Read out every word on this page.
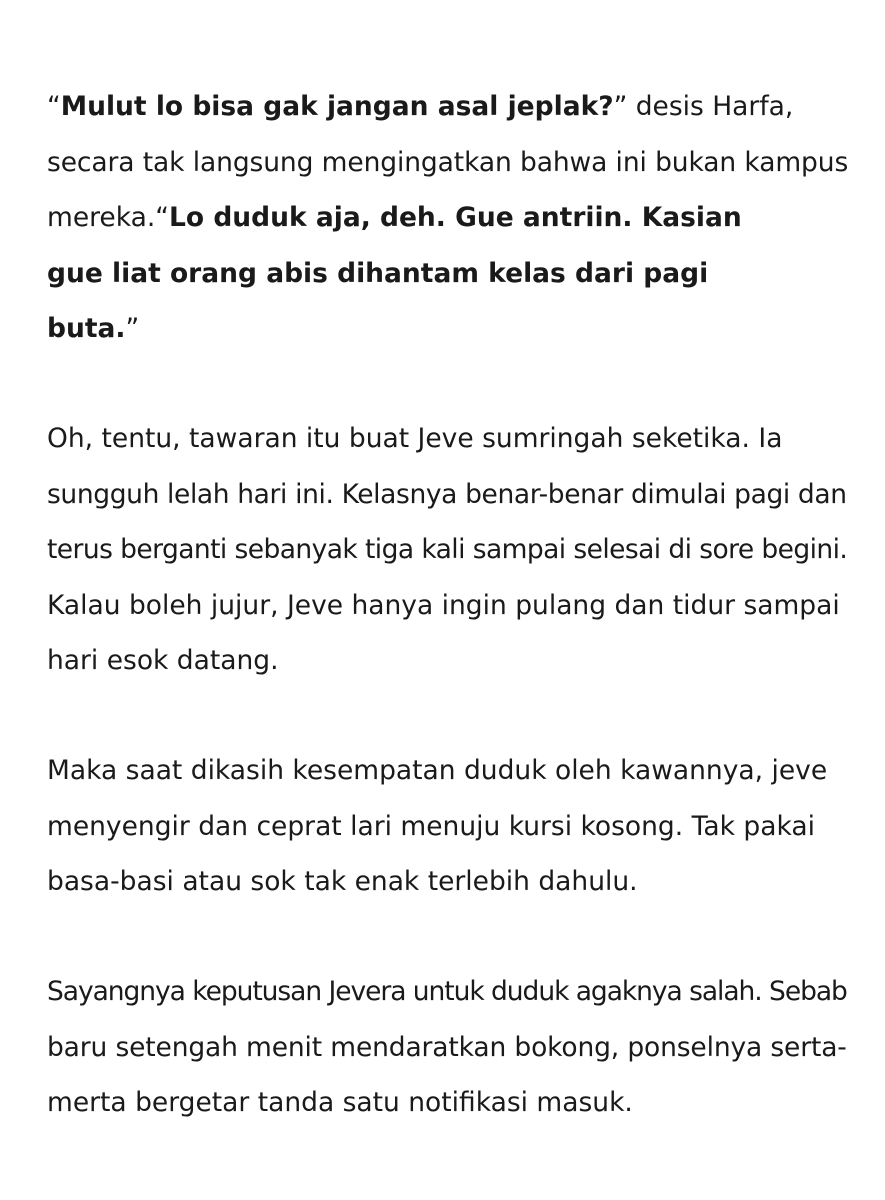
“Mulut lo bisa gak jangan asal jeplak?” desis Harfa,
secara tak langsung mengingatkan bahwa ini bukan kampus
mereka.“Lo duduk aja, deh. Gue antriin. Kasian
gue liat orang abis dihantam kelas dari pagi
buta.”
Oh, tentu, tawaran itu buat Jeve sumringah seketika. Ia
sungguh lelah hari ini. Kelasnya benar-benar dimulai pagi dan
terus berganti sebanyak tiga kali sampai selesai di sore begini.
Kalau boleh jujur, Jeve hanya ingin pulang dan tidur sampai
hari esok datang.
Maka saat dikasih kesempatan duduk oleh kawannya, jeve
menyengir dan ceprat lari menuju kursi kosong. Tak pakai
basa-basi atau sok tak enak terlebih dahulu.
Sayangnya keputusan Jevera untuk duduk agaknya salah. Sebab
baru setengah menit mendaratkan bokong, ponselnya serta-
merta bergetar tanda satu notifikasi masuk.
